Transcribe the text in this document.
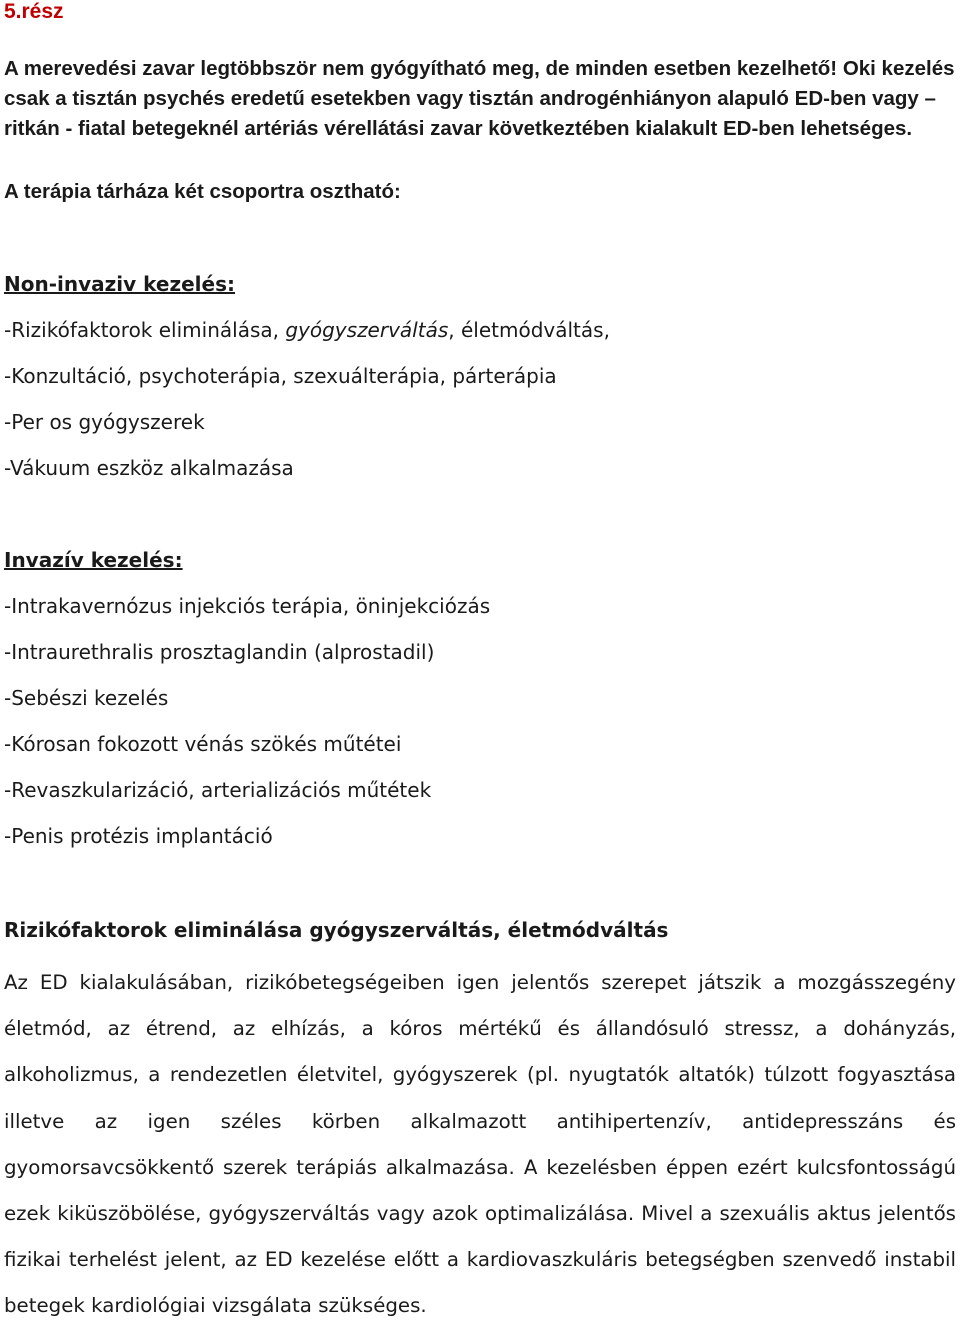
5.rész

A merevedési zavar legtöbbször nem gyógyítható meg, de minden esetben kezelhető! Oki kezelés csak a tisztán psychés eredetű esetekben vagy tisztán androgénhiányon alapuló ED-ben vagy – ritkán - fiatal betegeknél artériás vérellátási zavar következtében kialakult ED-ben lehetséges.

A terápia tárháza két csoportra osztható:

Non-invaziv kezelés:
-Rizikófaktorok eliminálása, gyógyszerváltás, életmódváltás,
-Konzultáció, psychoterápia, szexuálterápia, párterápia
-Per os gyógyszerek
-Vákuum eszköz alkalmazása
Invazív kezelés:
-Intrakavernózus injekciós terápia, öninjekciózás
-Intraurethralis prosztaglandin (alprostadil)
-Sebészi kezelés
-Kórosan fokozott vénás szökés műtétei
-Revaszkularizáció, arterializációs műtétek
-Penis protézis implantáció
Rizikófaktorok eliminálása gyógyszerváltás, életmódváltás

Az ED kialakulásában, rizikóbetegségeiben igen jelentős szerepet játszik a mozgásszegény életmód, az étrend, az elhízás, a kóros mértékű és állandósuló stressz, a dohányzás, alkoholizmus, a rendezetlen életvitel, gyógyszerek (pl. nyugtatók altatók) túlzott fogyasztása illetve az igen széles körben alkalmazott antihipertenzív, antidepresszáns és gyomorsavcsökkentő szerek terápiás alkalmazása. A kezelésben éppen ezért kulcsfontosságú ezek kiküszöbölése, gyógyszerváltás vagy azok optimalizálása. Mivel a szexuális aktus jelentős fizikai terhelést jelent, az ED kezelése előtt a kardiovaszkuláris betegségben szenvedő instabil betegek kardiológiai vizsgálata szükséges.
